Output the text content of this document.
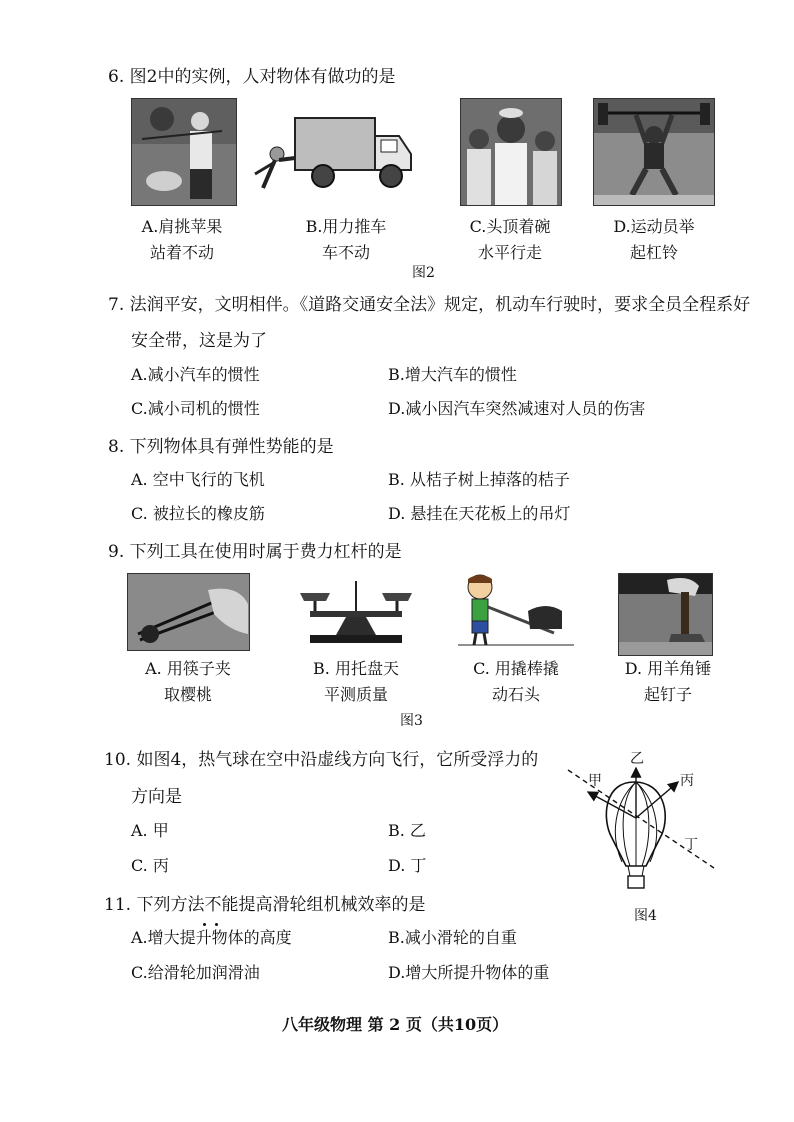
6. 图2中的实例，人对物体有做功的是
A.肩挑苹果
站着不动
B.用力推车
车不动
C.头顶着碗
水平行走
D.运动员举
起杠铃
图2
7. 法润平安，文明相伴。《道路交通安全法》规定，机动车行驶时，要求全员全程系好
安全带，这是为了
A.减小汽车的惯性	B.增大汽车的惯性
C.减小司机的惯性	D.减小因汽车突然减速对人员的伤害
8. 下列物体具有弹性势能的是
A. 空中飞行的飞机	B. 从桔子树上掉落的桔子
C. 被拉长的橡皮筋	D. 悬挂在天花板上的吊灯
9. 下列工具在使用时属于费力杠杆的是
A. 用筷子夹
取樱桃
B. 用托盘天
平测质量
C. 用撬棒撬
动石头
D. 用羊角锤
起钉子
图3
10. 如图4，热气球在空中沿虚线方向飞行，它所受浮力的
方向是
A. 甲	B. 乙
C. 丙	D. 丁
甲
乙
丙
丁
图4
11. 下列方法不能提高滑轮组机械效率的是
A.增大提升物体的高度	B.减小滑轮的自重
C.给滑轮加润滑油	D.增大所提升物体的重
八年级物理 第 2 页（共10页）
